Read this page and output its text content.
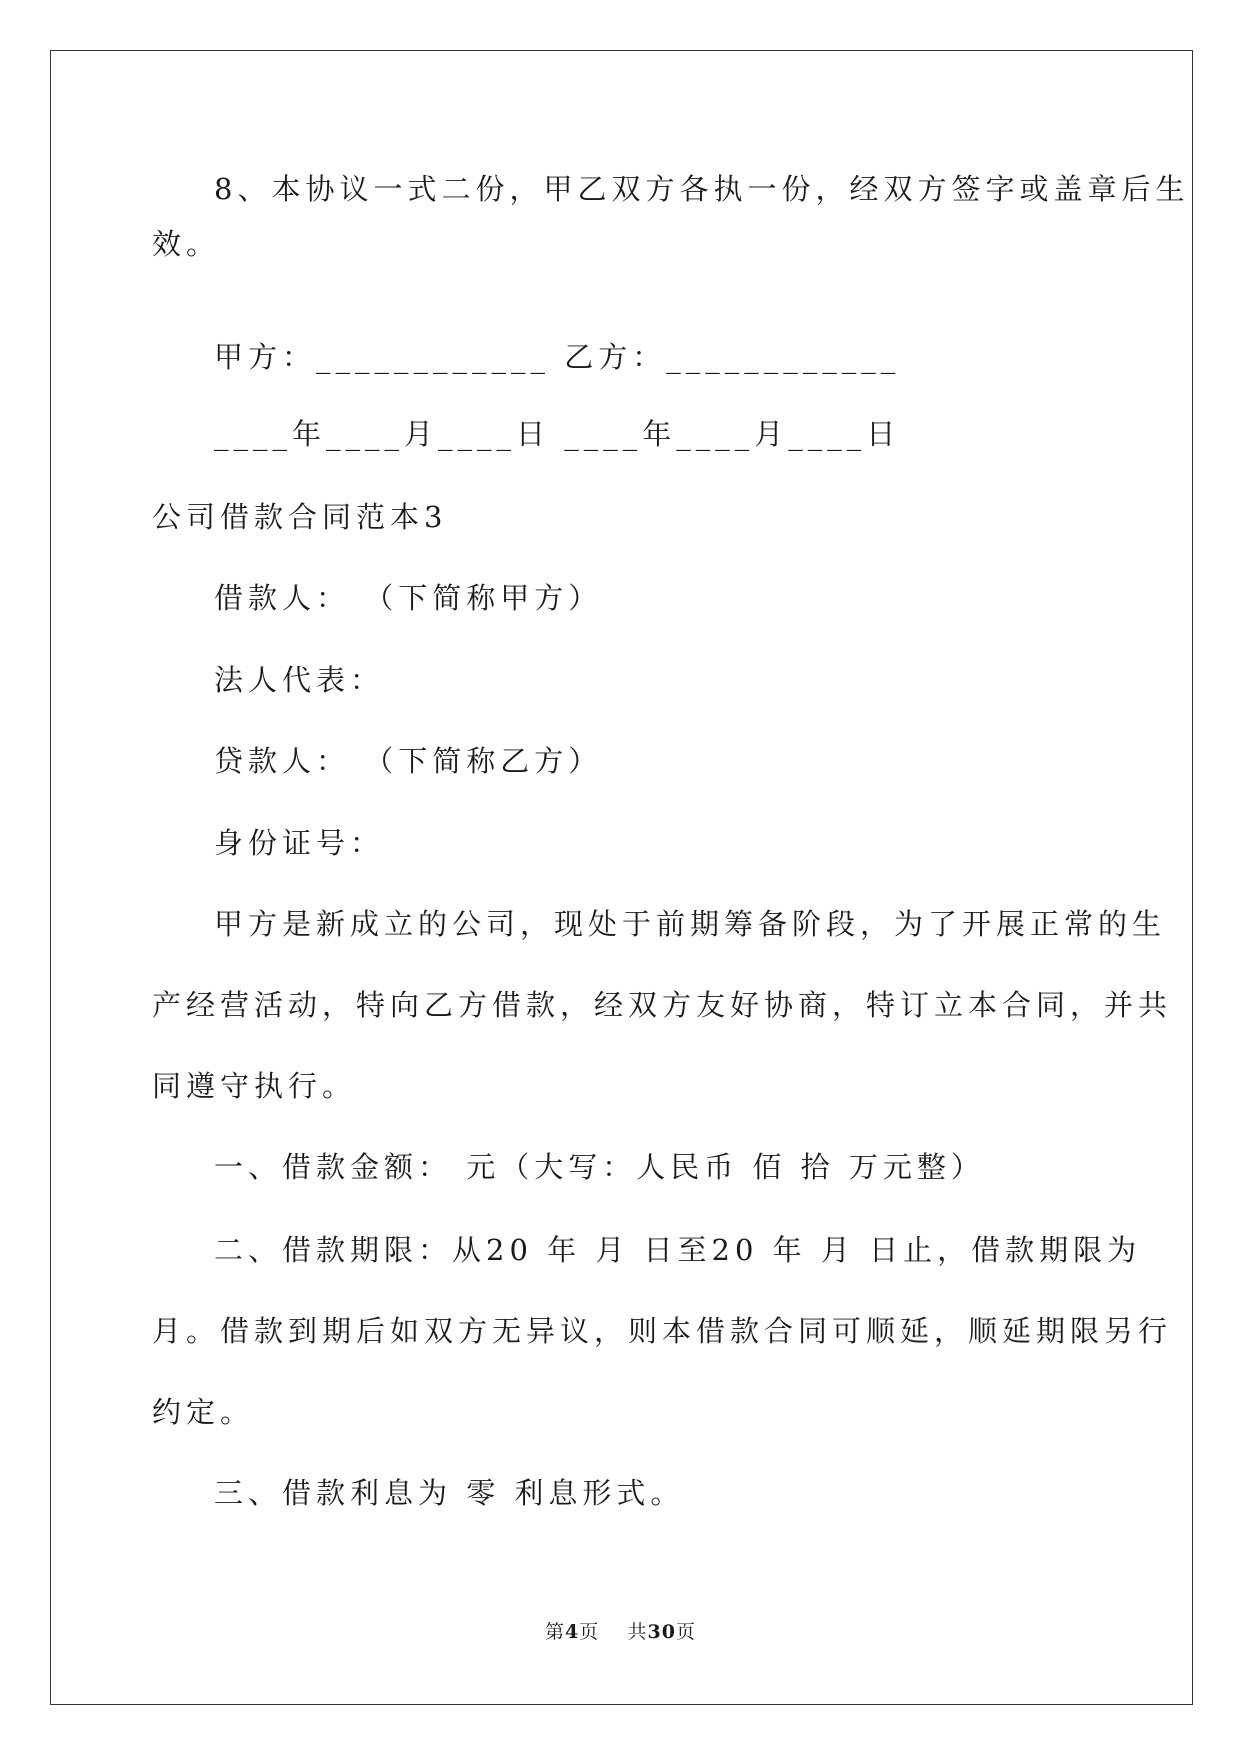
8、本协议一式二份，甲乙双方各执一份，经双方签字或盖章后生
效。
甲方：____________ 乙方：____________
____年____月____日 ____年____月____日
公司借款合同范本3
借款人： （下简称甲方）
法人代表：
贷款人： （下简称乙方）
身份证号：
甲方是新成立的公司，现处于前期筹备阶段，为了开展正常的生
产经营活动，特向乙方借款，经双方友好协商，特订立本合同，并共
同遵守执行。
一、借款金额： 元（大写：人民币 佰 拾 万元整）
二、借款期限：从20 年 月 日至20 年 月 日止，借款期限为
月。借款到期后如双方无异议，则本借款合同可顺延，顺延期限另行
约定。
三、借款利息为 零 利息形式。
第4页 共30页
